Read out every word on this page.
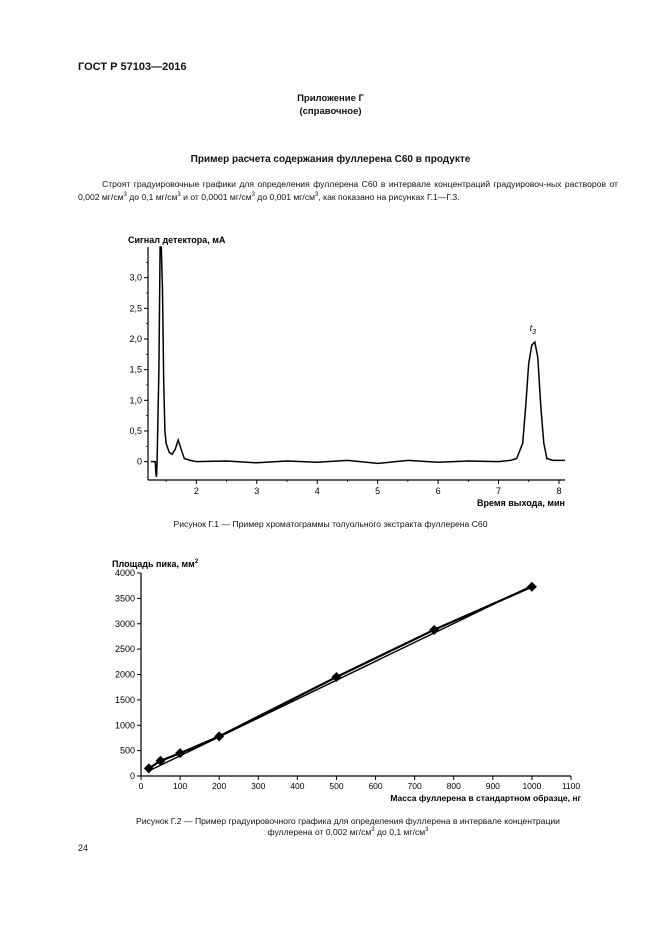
ГОСТ Р 57103—2016
Приложение Г
(справочное)
Пример расчета содержания фуллерена С60 в продукте

Строят градуировочные графики для определения фуллерена С60 в интервале концентраций градуировоч-ных растворов от 0,002 $мг/см^3$ до 0,1 $мг/см^3$ и от 0,0001 $мг/см^3$ до 0,001 $мг/см^3$, как показано на рисунках Г.1—Г.3.

0
0,5
1,0
1,5
2,0
2,5
3,0
2	3	4	5	6	7	8
Сигнал детектора, мА
Время выхода, мин
$t_3$
Рисунок Г.1 — Пример хроматограммы толуольного экстракта фуллерена С60
0
500
1000
1500
2000
2500
3000
3500
4000
0	100	200	300	400	500	600	700	800	900	1000 1100
Площадь пика, $мм^2$
Масса фуллерена в стандартном образце, нг
Рисунок Г.2 — Пример градуировочного графика для определения фуллерена в интервале концентрации
фуллерена от 0,002 $мг/см^3$ до 0,1 $мг/см^3$
24
